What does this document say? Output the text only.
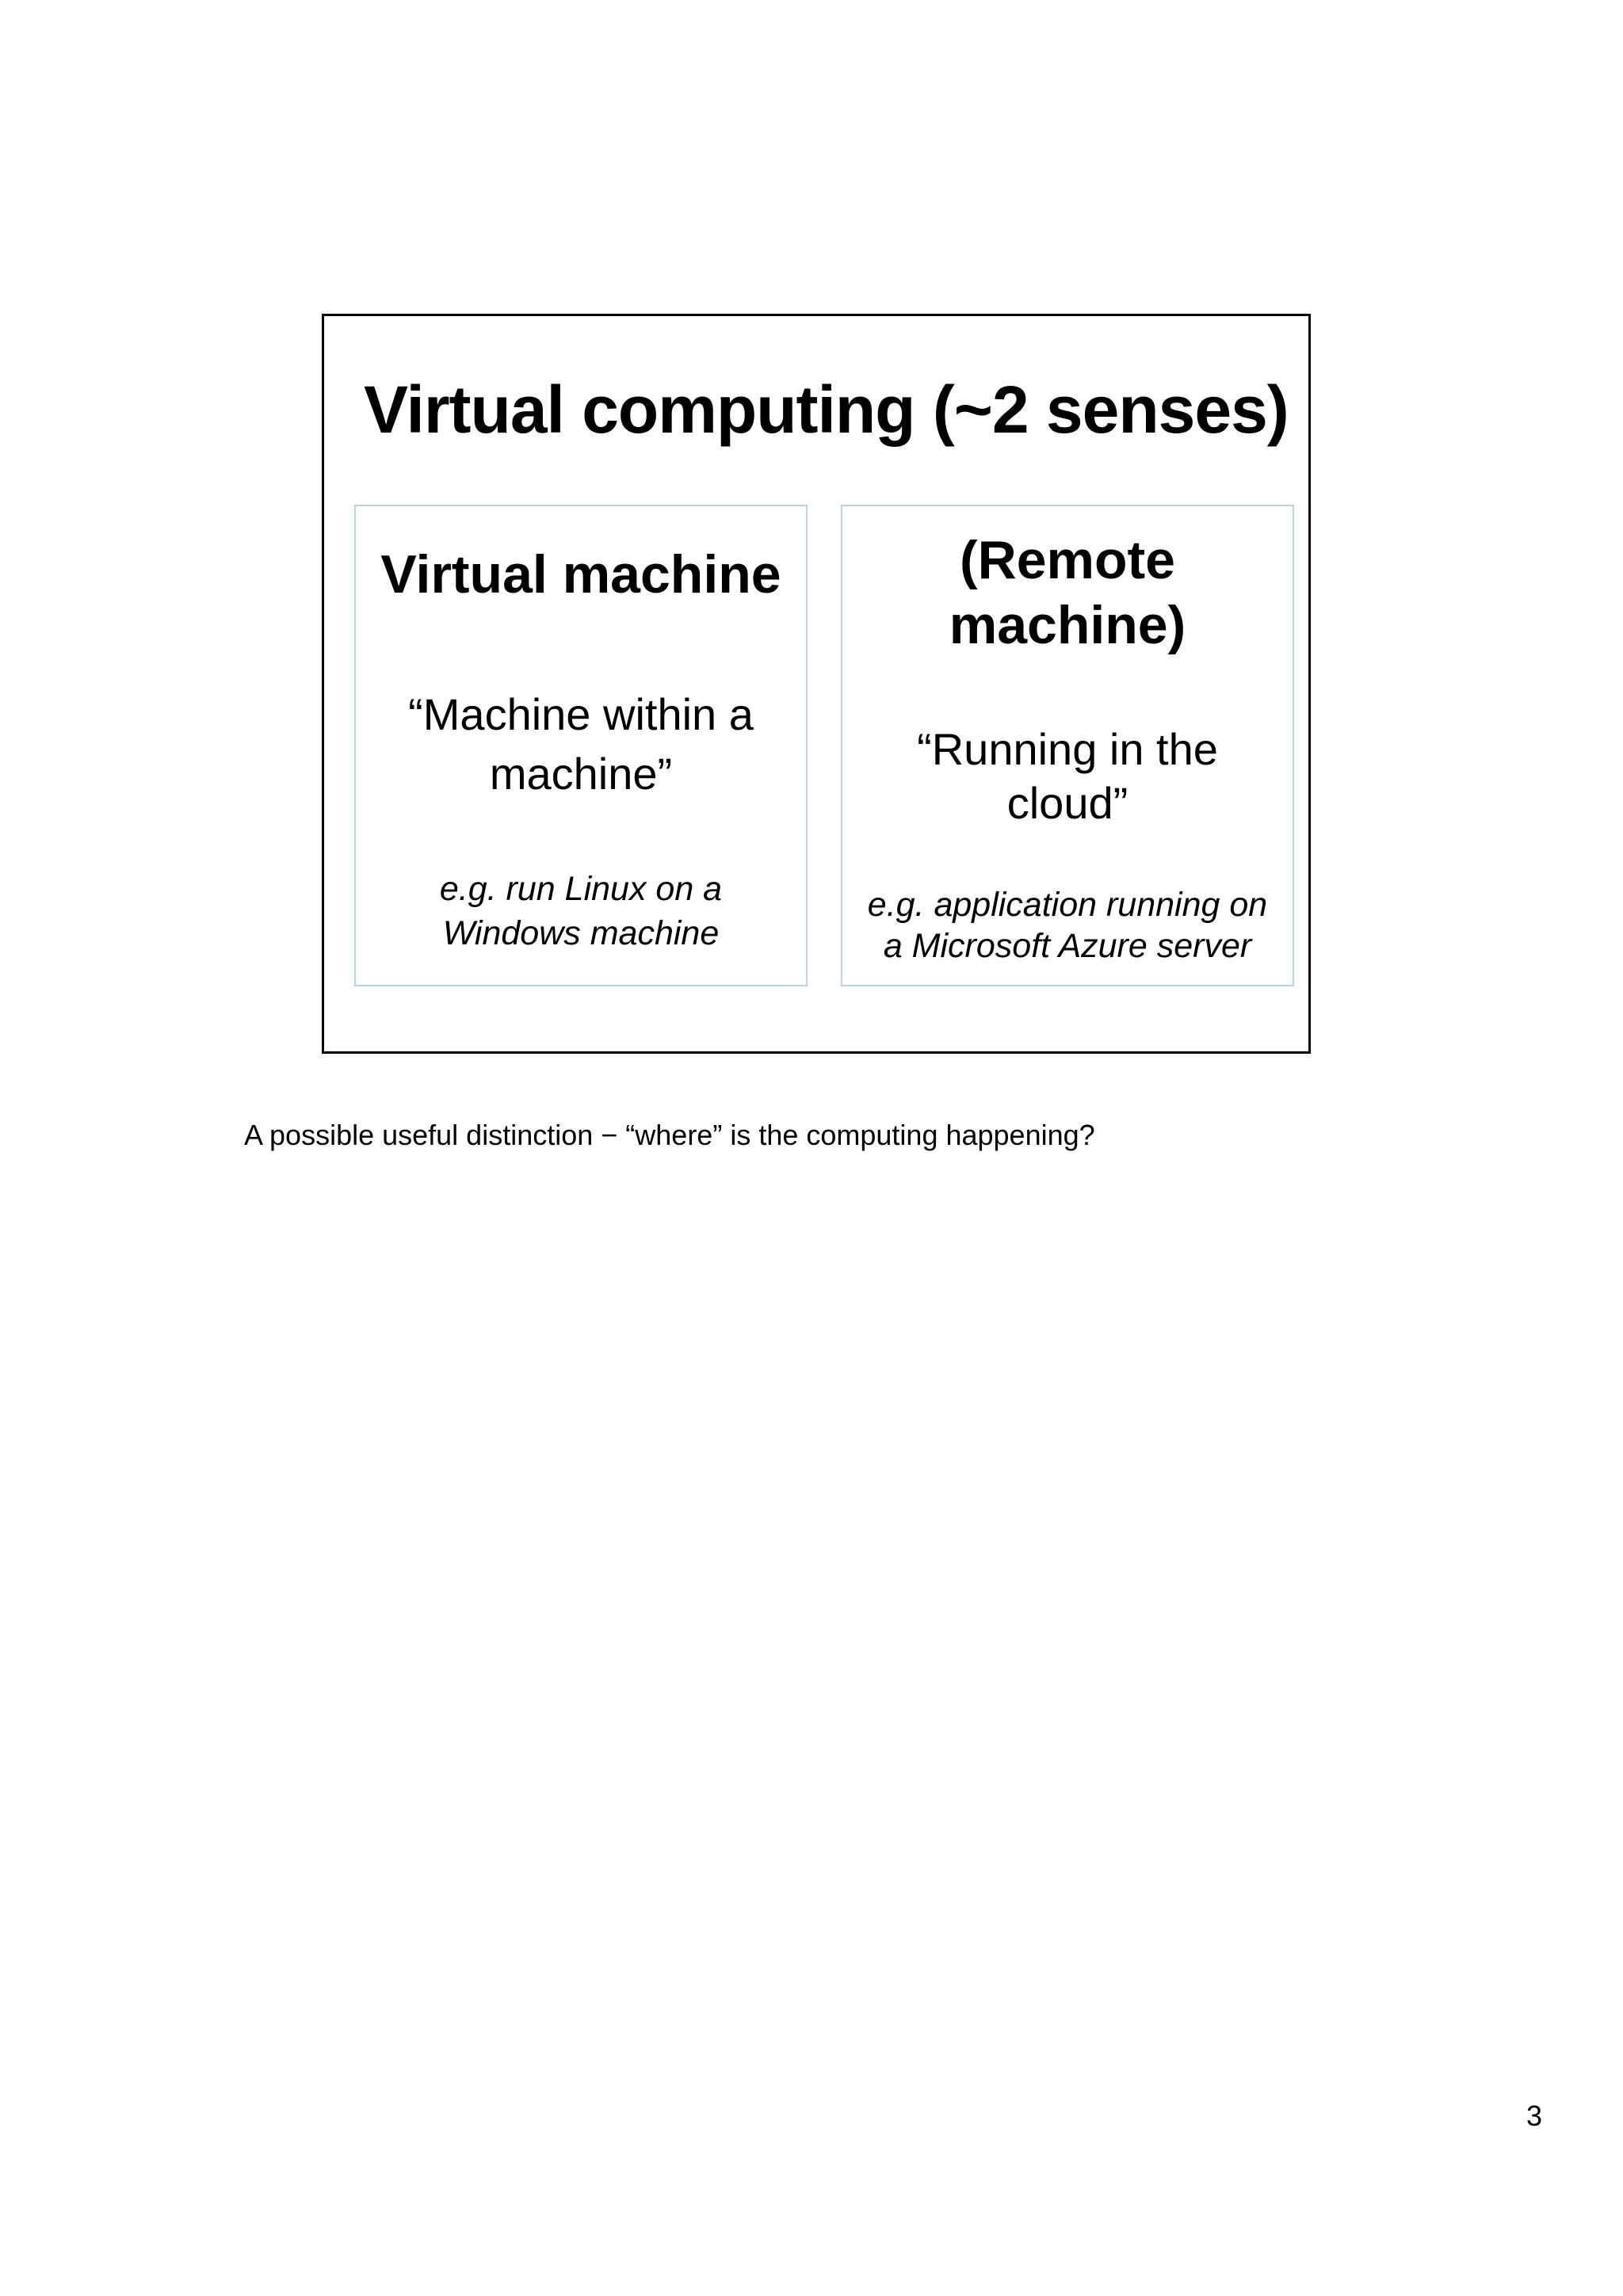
Virtual computing (~2 senses)
Virtual machine
“Machine within a
machine”
e.g. run Linux on a
Windows machine
(Remote
machine)
“Running in the
cloud”
e.g. application running on
a Microsoft Azure server
A possible useful distinction − “where” is the computing happening?
3
